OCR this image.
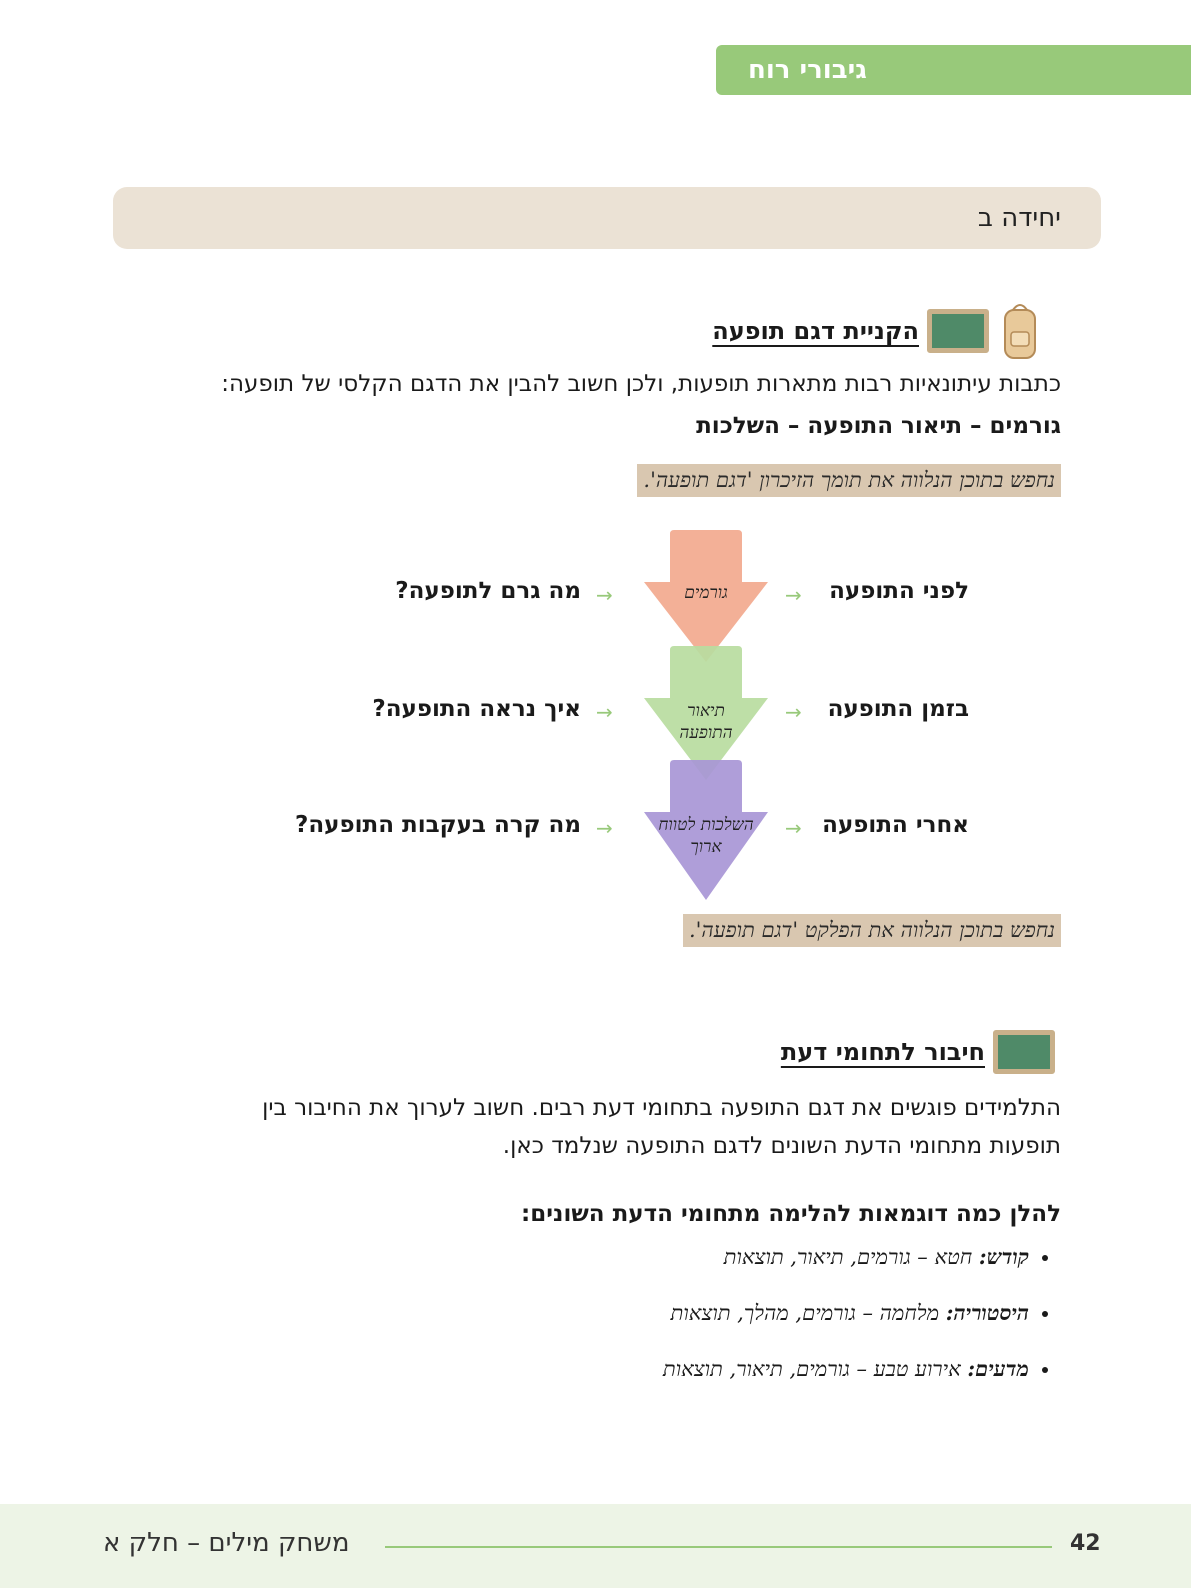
גיבורי רוח
יחידה ב
הקניית דגם תופעה
כתבות עיתונאיות רבות מתארות תופעות, ולכן חשוב להבין את הדגם הקלסי של תופעה:
גורמים – תיאור התופעה – השלכות
נחפש בתוכן הנלווה את תומך הזיכרון 'דגם תופעה'.
גורמים
תיאור התופעה
השלכות לטווח ארוך
לפני התופעה
→
→
מה גרם לתופעה?
בזמן התופעה
→
→
איך נראה התופעה?
אחרי התופעה
→
→
מה קרה בעקבות התופעה?
נחפש בתוכן הנלווה את הפלקט 'דגם תופעה'.
חיבור לתחומי דעת
התלמידים פוגשים את דגם התופעה בתחומי דעת רבים. חשוב לערוך את החיבור בין תופעות מתחומי הדעת השונים לדגם התופעה שנלמד כאן.
להלן כמה דוגמאות להלימה מתחומי הדעת השונים:
• קודש: חטא – גורמים, תיאור, תוצאות
• היסטוריה: מלחמה – גורמים, מהלך, תוצאות
• מדעים: אירוע טבע – גורמים, תיאור, תוצאות
משחק מילים – חלק א	42
